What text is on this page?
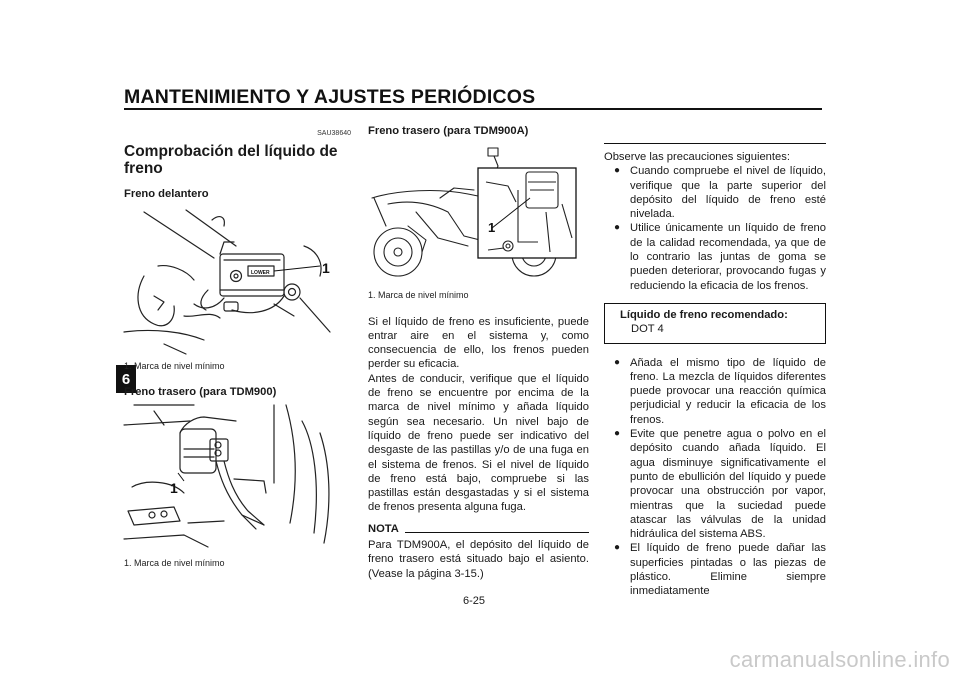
MANTENIMIENTO Y AJUSTES PERIÓDICOS
6
SAU38640
Comprobación del líquido de freno
Freno delantero
LOWER	1
1. Marca de nivel mínimo
Freno trasero (para TDM900)
1
1. Marca de nivel mínimo
Freno trasero (para TDM900A)
1
1. Marca de nivel mínimo

Si el líquido de freno es insuficiente, puede entrar aire en el sistema y, como consecuencia de ello, los frenos pueden perder su eficacia.

Antes de conducir, verifique que el líquido de freno se encuentre por encima de la marca de nivel mínimo y añada líquido según sea necesario. Un nivel bajo de líquido de freno puede ser indicativo del desgaste de las pastillas y/o de una fuga en el sistema de frenos. Si el nivel de líquido de freno está bajo, compruebe si las pastillas están desgastadas y si el sistema de frenos presenta alguna fuga.

NOTA

Para TDM900A, el depósito del líquido de freno trasero está situado bajo el asiento. (Vease la página 3-15.)

Observe las precauciones siguientes:
● Cuando compruebe el nivel de líquido, verifique que la parte superior del depósito del líquido de freno esté nivelada.
● Utilice únicamente un líquido de freno de la calidad recomendada, ya que de lo contrario las juntas de goma se pueden deteriorar, provocando fugas y reduciendo la eficacia de los frenos.
Líquido de freno recomendado:
DOT 4
● Añada el mismo tipo de líquido de freno. La mezcla de líquidos diferentes puede provocar una reacción química perjudicial y reducir la eficacia de los frenos.
● Evite que penetre agua o polvo en el depósito cuando añada líquido. El agua disminuye significativamente el punto de ebullición del líquido y puede provocar una obstrucción por vapor, mientras que la suciedad puede atascar las válvulas de la unidad hidráulica del sistema ABS.
● El líquido de freno puede dañar las superficies pintadas o las piezas de plástico. Elimine siempre inmediatamente
6-25
carmanualsonline.info
